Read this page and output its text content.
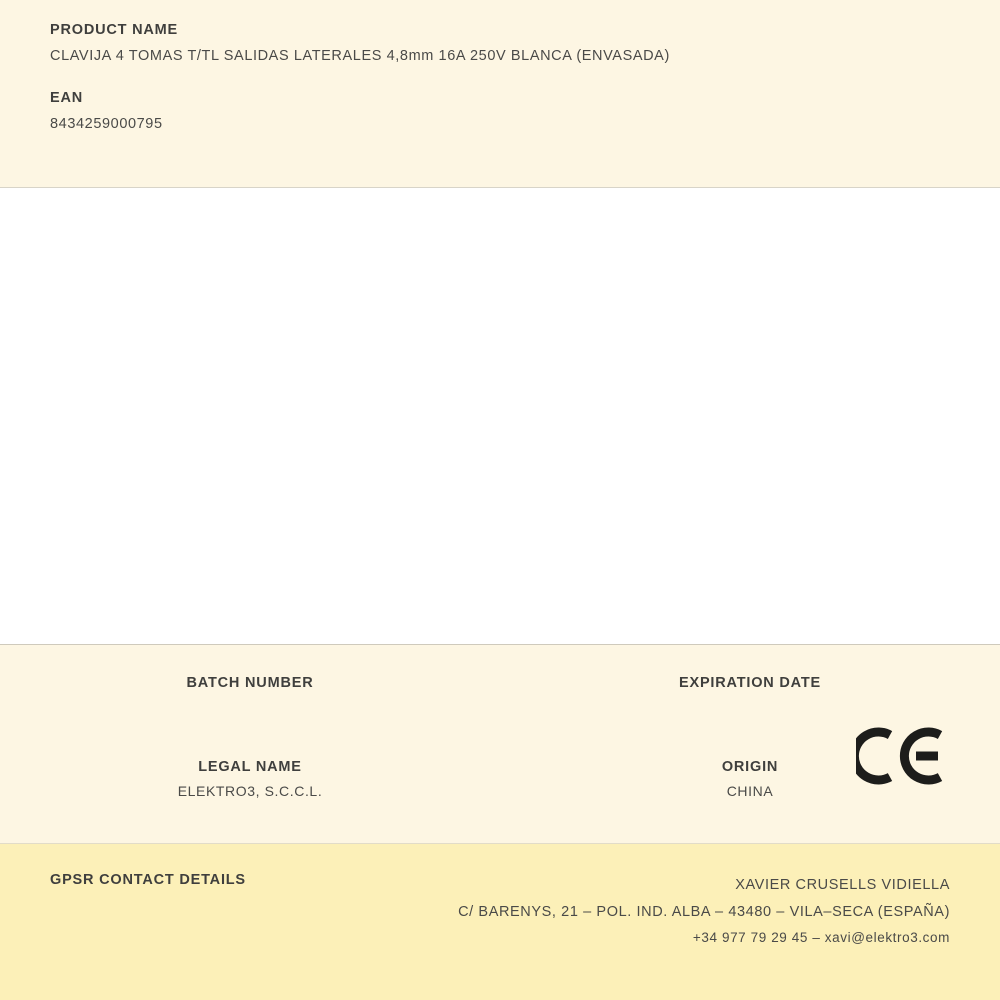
PRODUCT NAME
CLAVIJA 4 TOMAS T/TL SALIDAS LATERALES 4,8mm 16A 250V BLANCA (ENVASADA)
EAN
8434259000795
BATCH NUMBER	EXPIRATION DATE
LEGAL NAME
ELEKTRO3, S.C.C.L.
ORIGIN
CHINA
GPSR CONTACT DETAILS	XAVIER CRUSELLS VIDIELLA
C/ BARENYS, 21 – POL. IND. ALBA – 43480 – VILA–SECA (ESPAÑA)
+34 977 79 29 45 – xavi@elektro3.com
